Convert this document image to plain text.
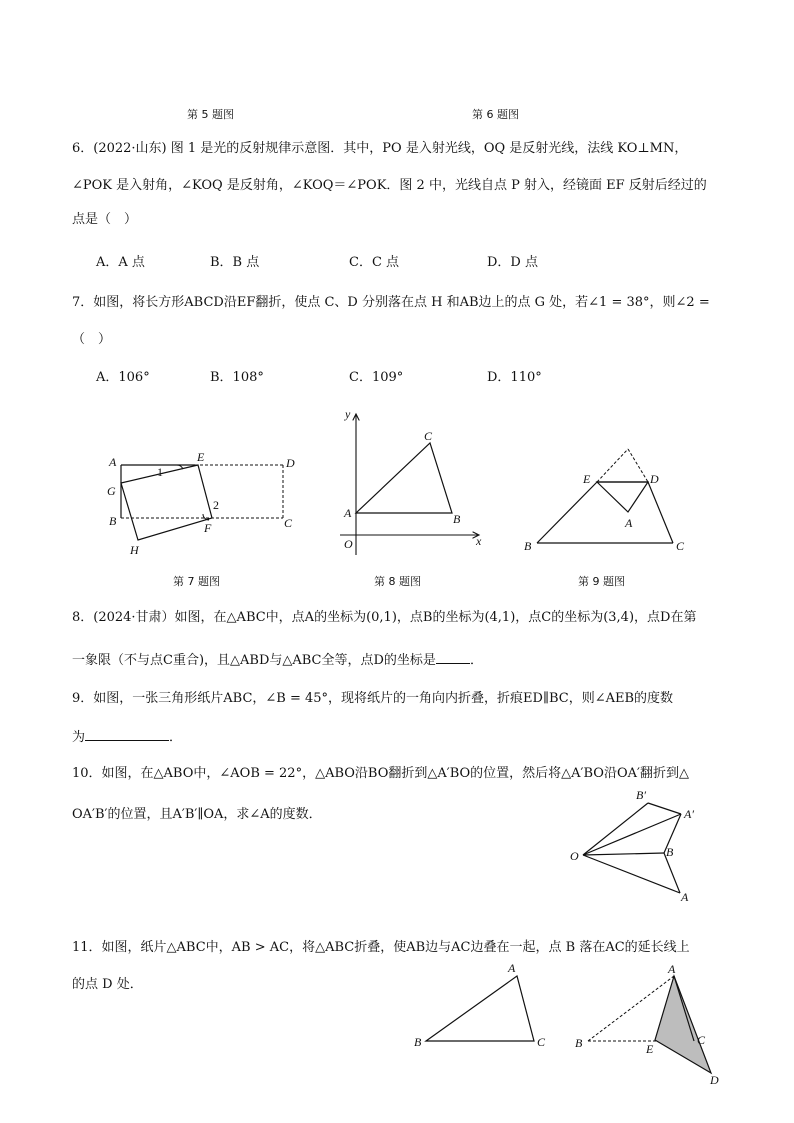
第 5 题图	第 6 题图
6．(2022·山东) 图 1 是光的反射规律示意图．其中，PO 是入射光线，OQ 是反射光线，法线 KO⊥MN，
∠POK 是入射角，∠KOQ 是反射角，∠KOQ＝∠POK．图 2 中，光线自点 P 射入，经镜面 EF 反射后经过的
点是（　）
A．A 点	B．B 点	C．C 点	D．D 点
7．如图，将长方形ABCD沿EF翻折，使点 C、D 分别落在点 H 和AB边上的点 G 处，若∠1 = 38°，则∠2 =
（　）
A．106°	B．108°	C．109°	D．110°
A	E	D
G
B	F	C
H
1
2
y
x
O
A	B
C
E	D
A
B	C
第 7 题图	第 8 题图	第 9 题图
8．(2024·甘肃）如图，在△ABC中，点A的坐标为(0,1)，点B的坐标为(4,1)，点C的坐标为(3,4)，点D在第
一象限（不与点C重合)，且△ABD与△ABC全等，点D的坐标是	．
9．如图，一张三角形纸片ABC，∠B = 45°，现将纸片的一角向内折叠，折痕ED∥BC，则∠AEB的度数
为	．
10．如图，在△ABO中，∠AOB = 22°，△ABO沿BO翻折到△A′BO的位置，然后将△A′BO沿OA′翻折到△
OA′B′的位置，且A′B′∥OA，求∠A的度数．
B′
A′
O	B
A
11．如图，纸片△ABC中，AB > AC，将△ABC折叠，使AB边与AC边叠在一起，点 B 落在AC的延长线上
的点 D 处．
A
B	C
A
B	C
E
D
